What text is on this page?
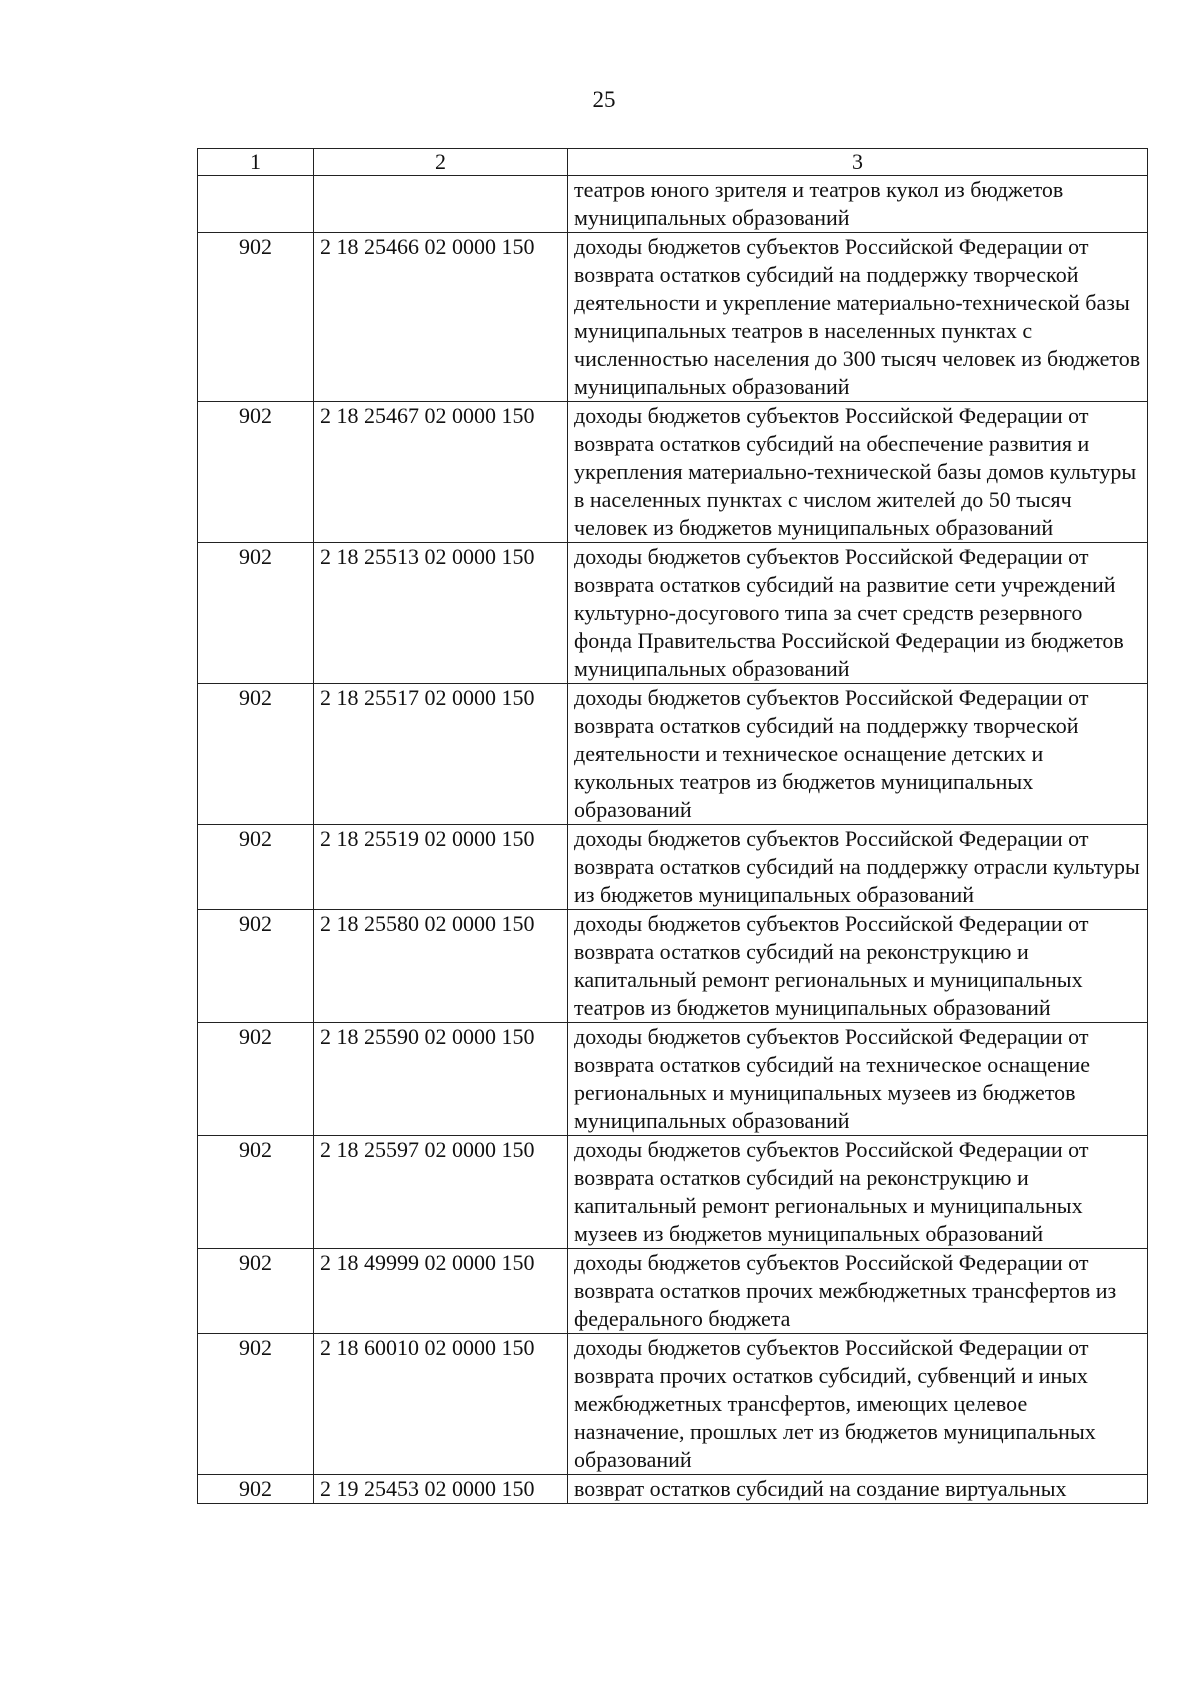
25
1	2	3
		театров юного зрителя и театров кукол из бюджетов муниципальных образований
902	2 18 25466 02 0000 150	доходы бюджетов субъектов Российской Федерации от возврата остатков субсидий на поддержку творческой деятельности и укрепление материально-технической базы муниципальных театров в населенных пунктах с численностью населения до 300 тысяч человек из бюджетов муниципальных образований
902	2 18 25467 02 0000 150	доходы бюджетов субъектов Российской Федерации от возврата остатков субсидий на обеспечение развития и укрепления материально-технической базы домов культуры в населенных пунктах с числом жителей до 50 тысяч человек из бюджетов муниципальных образований
902	2 18 25513 02 0000 150	доходы бюджетов субъектов Российской Федерации от возврата остатков субсидий на развитие сети учреждений культурно-досугового типа за счет средств резервного фонда Правительства Российской Федерации из бюджетов муниципальных образований
902	2 18 25517 02 0000 150	доходы бюджетов субъектов Российской Федерации от возврата остатков субсидий на поддержку творческой деятельности и техническое оснащение детских и кукольных театров из бюджетов муниципальных образований
902	2 18 25519 02 0000 150	доходы бюджетов субъектов Российской Федерации от возврата остатков субсидий на поддержку отрасли культуры из бюджетов муниципальных образований
902	2 18 25580 02 0000 150	доходы бюджетов субъектов Российской Федерации от возврата остатков субсидий на реконструкцию и капитальный ремонт региональных и муниципальных театров из бюджетов муниципальных образований
902	2 18 25590 02 0000 150	доходы бюджетов субъектов Российской Федерации от возврата остатков субсидий на техническое оснащение региональных и муниципальных музеев из бюджетов муниципальных образований
902	2 18 25597 02 0000 150	доходы бюджетов субъектов Российской Федерации от возврата остатков субсидий на реконструкцию и капитальный ремонт региональных и муниципальных музеев из бюджетов муниципальных образований
902	2 18 49999 02 0000 150	доходы бюджетов субъектов Российской Федерации от возврата остатков прочих межбюджетных трансфертов из федерального бюджета
902	2 18 60010 02 0000 150	доходы бюджетов субъектов Российской Федерации от возврата прочих остатков субсидий, субвенций и иных межбюджетных трансфертов, имеющих целевое назначение, прошлых лет из бюджетов муниципальных образований
902	2 19 25453 02 0000 150	возврат остатков субсидий на создание виртуальных
